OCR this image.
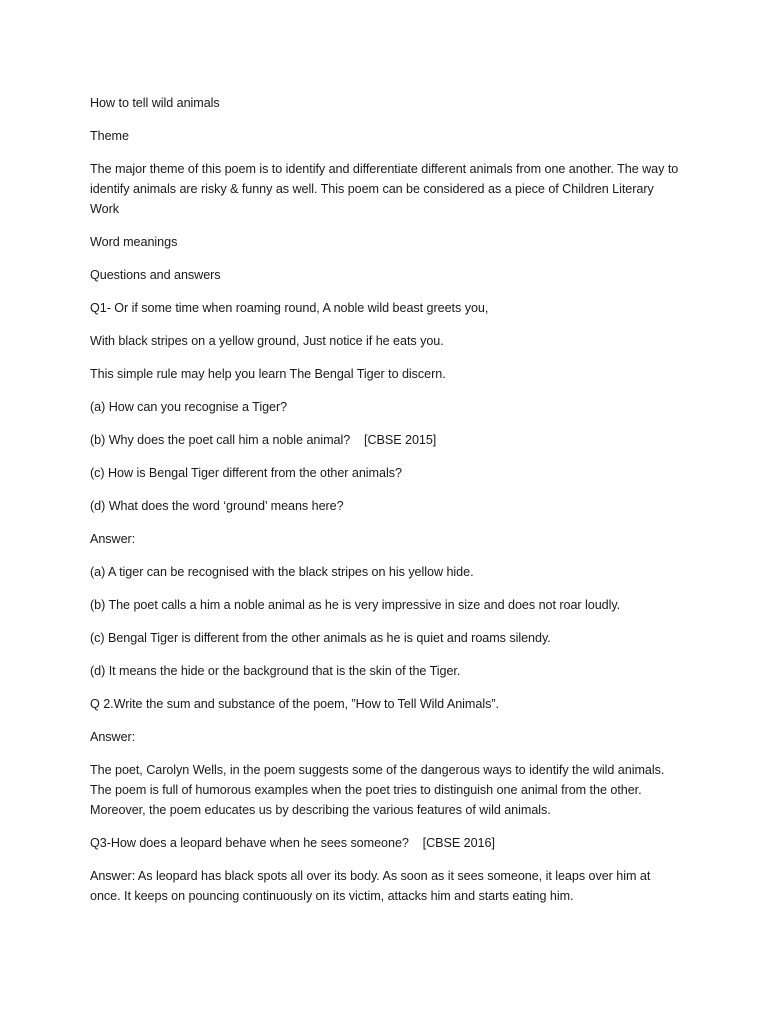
How to tell wild animals

Theme

The major theme of this poem is to identify and differentiate different animals from one another. The way to identify animals are risky & funny as well. This poem can be considered as a piece of Children Literary Work

Word meanings

Questions and answers

Q1- Or if some time when roaming round, A noble wild beast greets you,

With black stripes on a yellow ground, Just notice if he eats you.

This simple rule may help you learn The Bengal Tiger to discern.

(a) How can you recognise a Tiger?

(b) Why does the poet call him a noble animal?    [CBSE 2015]

(c) How is Bengal Tiger different from the other animals?

(d) What does the word ‘ground’ means here?

Answer:

(a) A tiger can be recognised with the black stripes on his yellow hide.

(b) The poet calls a him a noble animal as he is very impressive in size and does not roar loudly.

(c) Bengal Tiger is different from the other animals as he is quiet and roams silendy.

(d) It means the hide or the background that is the skin of the Tiger.

Q 2.Write the sum and substance of the poem, ”How to Tell Wild Animals”.

Answer:

The poet, Carolyn Wells, in the poem suggests some of the dangerous ways to identify the wild animals. The poem is full of humorous examples when the poet tries to distinguish one animal from the other. Moreover, the poem educates us by describing the various features of wild animals.

Q3-How does a leopard behave when he sees someone?    [CBSE 2016]

Answer: As leopard has black spots all over its body. As soon as it sees someone, it leaps over him at once. It keeps on pouncing continuously on its victim, attacks him and starts eating him.
